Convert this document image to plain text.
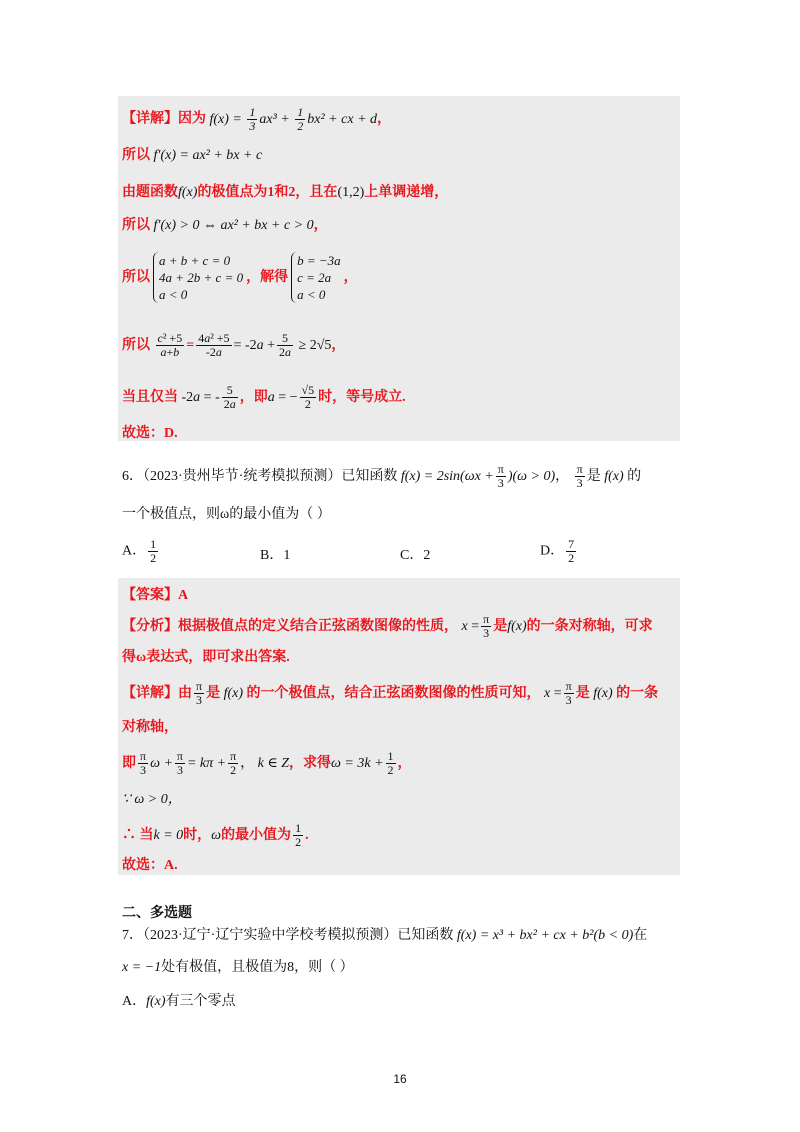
【详解】因为 $f(x) = \frac{1}{3} ax^3 + \frac{1}{2} bx^2$ + cx + d，
所以 f′(x) = ax² + bx + c
由题函数f(x)的极值点为1和2，且在(1,2)上单调递增，
所以 f′(x) > 0 ⇔ ax² + bx + c > 0，
所以a + b + c = 0
4a + 2b + c = 0
a < 0，解得b = −3a
c = 2a
a < 0，
所以 $\frac{\text{c² +5}}{a+b} = \frac{\text{4a² +5}}{-2a} = -2a + \frac{5}{2a} \ge 2√5$，
当且仅当 -2a = - $\frac{5}{2a}$ ，即a = − $\frac{√5}{2}$ 时，等号成立.
故选：D.
6．（2023·贵州毕节·统考模拟预测）已知函数 $f(x) = 2\sin(\omega x + \frac{\pi}{3} )(\omega > 0)$， $\frac{\pi}{3}$ 是 f(x) 的
一个极值点，则ω的最小值为（ ）
A． $\frac{1}{2}$	B．1	C．2	D． $\frac{7}{2}$
【答案】A
【分析】根据极值点的定义结合正弦函数图像的性质， $x = \frac{\pi}{3}$ 是f(x)的一条对称轴，可求
得ω表达式，即可求出答案.
【详解】由 $\frac{\pi}{3}$ 是 f(x) 的一个极值点，结合正弦函数图像的性质可知， $x = \frac{\pi}{3}$ 是 f(x) 的一条
对称轴，
即 $\frac{\pi}{3}$ $\omega + \frac{\pi}{3} = k\pi + \frac{\pi}{2}$ ， k ∈ Z，求得$\omega = 3k + \frac{1}{2}$ ，
∵ ω > 0，
∴ 当k = 0时，ω的最小值为 $\frac{1}{2}$ .
故选：A.
二、多选题
7．（2023·辽宁·辽宁实验中学校考模拟预测）已知函数 f(x) = x³ + bx² + cx + b²(b < 0)在
x = −1处有极值，且极值为8，则（ ）
A．f(x)有三个零点
16
